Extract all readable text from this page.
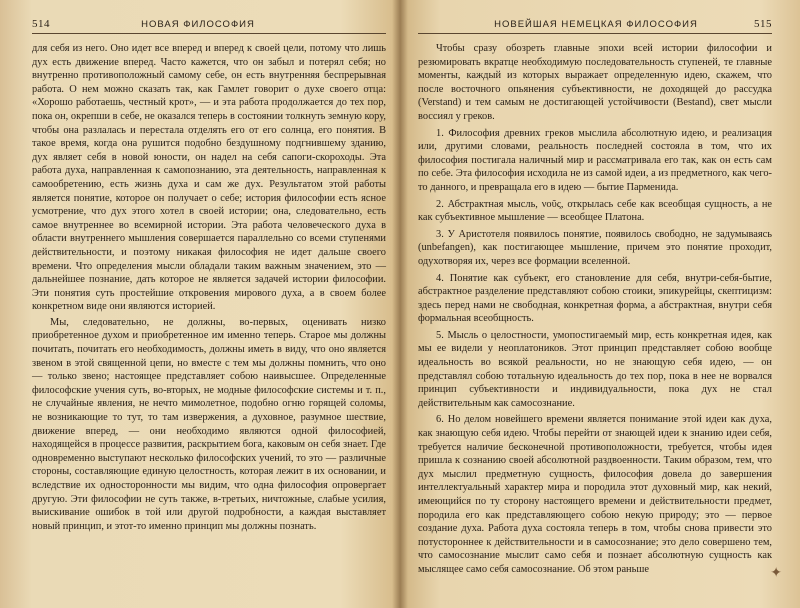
514	НОВАЯ ФИЛОСОФИЯ

для себя из него. Оно идет все вперед и вперед к своей цели, потому что лишь дух есть движение вперед. Часто кажется, что он забыл и потерял себя; но внутренно противоположный самому себе, он есть внутренняя беспрерывная работа. О нем можно сказать так, как Гамлет говорит о духе своего отца: «Хорошо работаешь, честный крот», — и эта работа продолжается до тех пор, пока он, окрепши в себе, не оказался теперь в состоянии толкнуть земную кору, чтобы она разлалась и перестала отделять его от его солнца, его понятия. В такое время, когда она рушится подобно бездушному подгнившему зданию, дух являет себя в новой юности, он надел на себя сапоги-скороходы. Эта работа духа, направленная к самопознанию, эта деятельность, направленная к самообретению, есть жизнь духа и сам же дух. Результатом этой работы является понятие, которое он получает о себе; история философии есть ясное усмотрение, что дух этого хотел в своей истории; она, следовательно, есть самое внутреннее во всемирной истории. Эта работа человеческого духа в области внутреннего мышления совершается параллельно со всеми ступенями действительности, и поэтому никакая философия не идет дальше своего времени. Что определения мысли обладали таким важным значением, это — дальнейшее познание, дать которое не является задачей истории философии. Эти понятия суть простейшие откровения мирового духа, а в своем более конкретном виде они являются историей.

Мы, следовательно, не должны, во-первых, оценивать низко приобретенное духом и приобретенное им именно теперь. Старое мы должны почитать, почитать его необходимость, должны иметь в виду, что оно является звеном в этой священной цепи, но вместе с тем мы должны помнить, что оно — только звено; настоящее представляет собою наивысшее. Определенные философские учения суть, во-вторых, не модные философские системы и т. п., не случайные явления, не нечто мимолетное, подобно огню горящей соломы, не возникающие то тут, то там извержения, а духовное, разумное шествие, движение вперед, — они необходимо являются одной философией, находящейся в процессе развития, раскрытием бога, каковым он себя знает. Где одновременно выступают несколько философских учений, то это — различные стороны, составляющие единую целостность, которая лежит в их основании, и вследствие их односторонности мы видим, что одна философия опровергает другую. Эти философии не суть также, в-третьих, ничтожные, слабые усилия, выискивание ошибок в той или другой подробности, а каждая выставляет новый принцип, и этот-то именно принцип мы должны познать.

НОВЕЙШАЯ НЕМЕЦКАЯ ФИЛОСОФИЯ	515

Чтобы сразу обозреть главные эпохи всей истории философии и резюмировать вкратце необходимую последовательность ступеней, те главные моменты, каждый из которых выражает определенную идею, скажем, что после восточного опьянения субъективности, не доходящей до рассудка (Verstand) и тем самым не достигающей устойчивости (Bestand), свет мысли воссиял у греков.

1. Философия древних греков мыслила абсолютную идею, и реализация или, другими словами, реальность последней состояла в том, что их философия постигала наличный мир и рассматривала его так, как он есть сам по себе. Эта философия исходила не из самой идеи, а из предметного, как чего-то данного, и превращала его в идею — бытие Парменида.

2. Абстрактная мысль, νοῦς, открылась себе как всеобщая сущность, а не как субъективное мышление — всеобщее Платона.

3. У Аристотеля появилось понятие, появилось свободно, не задумываясь (unbefangen), как постигающее мышление, причем это понятие проходит, одухотворяя их, через все формации вселенной.

4. Понятие как субъект, его становление для себя, внутри-себя-бытие, абстрактное разделение представляют собою стоики, эпикурейцы, скептицизм: здесь перед нами не свободная, конкретная форма, а абстрактная, внутри себя формальная всеобщность.

5. Мысль о целостности, умопостигаемый мир, есть конкретная идея, как мы ее видели у неоплатоников. Этот принцип представляет собою вообще идеальность во всякой реальности, но не знающую себя идею, — он представлял собою тотальную идеальность до тех пор, пока в нее не ворвался принцип субъективности и индивидуальности, пока дух не стал действительным как самосознание.

6. Но делом новейшего времени является понимание этой идеи как духа, как знающую себя идею. Чтобы перейти от знающей идеи к знанию идеи себя, требуется наличие бесконечной противоположности, требуется, чтобы идея пришла к сознанию своей абсолютной раздвоенности. Таким образом, тем, что дух мыслил предметную сущность, философия довела до завершения интеллектуальный характер мира и породила этот духовный мир, как некий, имеющийся по ту сторону настоящего времени и действительности предмет, породила его как представляющего собою некую природу; это — первое создание духа. Работа духа состояла теперь в том, чтобы снова привести это потустороннее к действительности и в самосознание; это дело совершено тем, что самосознание мыслит само себя и познает абсолютную сущность как мыслящее само себя самосознание. Об этом раньше	✦
